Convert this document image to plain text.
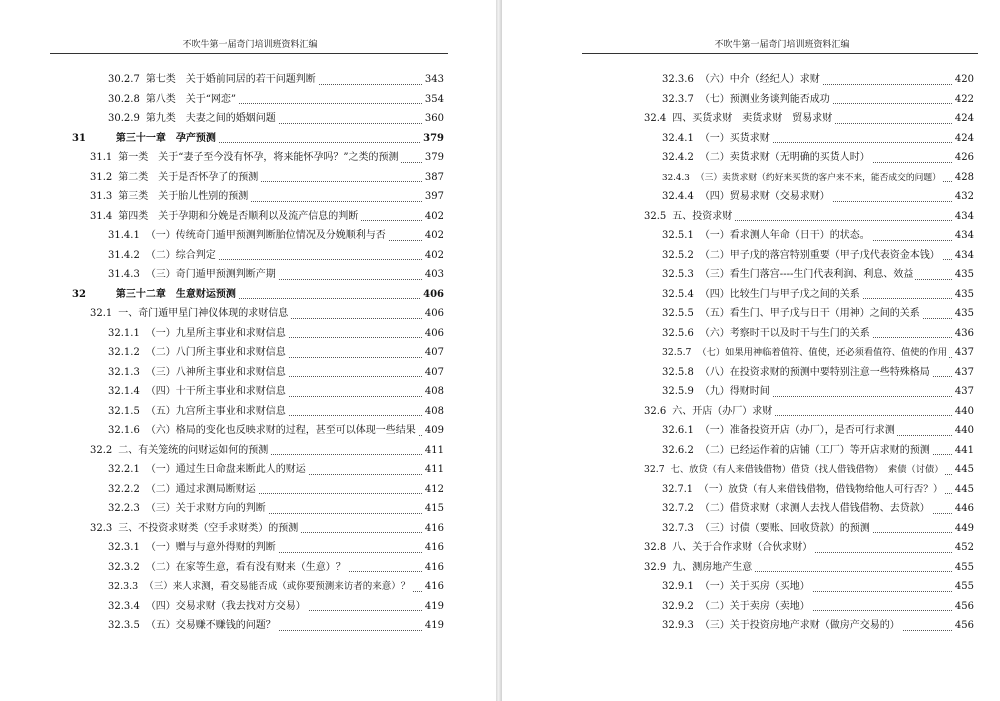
不吹牛第一届奇门培训班资料汇编
30.2.7 第七类　关于婚前同居的若干问题判断	343
30.2.8 第八类　关于“网恋”	354
30.2.9 第九类　夫妻之间的婚姻问题	360
31	第三十一章　孕产预测	379
31.1 第一类　关于“妻子至今没有怀孕，将来能怀孕吗？”之类的预测	379
31.2 第二类　关于是否怀孕了的预测	387
31.3 第三类　关于胎儿性别的预测	397
31.4 第四类　关于孕期和分娩是否顺利以及流产信息的判断	402
31.4.1 （一）传统奇门遁甲预测判断胎位情况及分娩顺利与否	402
31.4.2 （二）综合判定	402
31.4.3 （三）奇门遁甲预测判断产期	403
32	第三十二章　生意财运预测	406
32.1 一、奇门遁甲星门神仪体现的求财信息	406
32.1.1 （一）九星所主事业和求财信息	406
32.1.2 （二）八门所主事业和求财信息	407
32.1.3 （三）八神所主事业和求财信息	407
32.1.4 （四）十干所主事业和求财信息	408
32.1.5 （五）九宫所主事业和求财信息	408
32.1.6 （六）格局的变化也反映求财的过程，甚至可以体现一些结果 409
32.2 二、有关笼统的问财运如何的预测	411
32.2.1 （一）通过生日命盘来断此人的财运	411
32.2.2 （二）通过求测局断财运	412
32.2.3 （三）关于求财方向的判断	415
32.3 三、不投资求财类（空手求财类）的预测	416
32.3.1 （一）赠与与意外得财的判断	416
32.3.2 （二）在家等生意，看有没有财来（生意）？	416
32.3.3 （三）来人求测，看交易能否成（或你要预测来访者的来意）？ 416
32.3.4 （四）交易求财（我去找对方交易）	419
32.3.5 （五）交易赚不赚钱的问题？	419
不吹牛第一届奇门培训班资料汇编
32.3.6 （六）中介（经纪人）求财	420
32.3.7 （七）预测业务谈判能否成功	422
32.4 四、买货求财　卖货求财　贸易求财	424
32.4.1 （一）买货求财	424
32.4.2 （二）卖货求财（无明确的买货人时）	426
32.4.3 （三）卖货求财（约好来买货的客户来不来，能否成交的问题） 428
32.4.4 （四）贸易求财（交易求财）	432
32.5 五、投资求财	434
32.5.1 （一）看求测人年命（日干）的状态。	434
32.5.2 （二）甲子戊的落宫特别重要（甲子戊代表资金本钱） 434
32.5.3 （三）看生门落宫----生门代表利润、利息、效益	435
32.5.4 （四）比较生门与甲子戊之间的关系	435
32.5.5 （五）看生门、甲子戊与日干（用神）之间的关系	435
32.5.6 （六）考察时干以及时干与生门的关系	436
32.5.7 （七）如果用神临着值符、值使，还必须看值符、值使的作用 437
32.5.8 （八）在投资求财的预测中要特别注意一些特殊格局	437
32.5.9 （九）得财时间	437
32.6 六、开店（办厂）求财	440
32.6.1 （一）准备投资开店（办厂），是否可行求测	440
32.6.2 （二）已经运作着的店铺（工厂）等开店求财的预测	441
32.7 七、放贷（有人来借钱借物）借贷（找人借钱借物）　索债（讨债） 445
32.7.1 （一）放贷（有人来借钱借物，借钱物给他人可行否？） 445
32.7.2 （二）借贷求财（求测人去找人借钱借物、去贷款）	446
32.7.3 （三）讨债（要账、回收贷款）的预测	449
32.8 八、关于合作求财（合伙求财）	452
32.9 九、测房地产生意	455
32.9.1 （一）关于买房（买地）	455
32.9.2 （二）关于卖房（卖地）	456
32.9.3 （三）关于投资房地产求财（做房产交易的）	456
